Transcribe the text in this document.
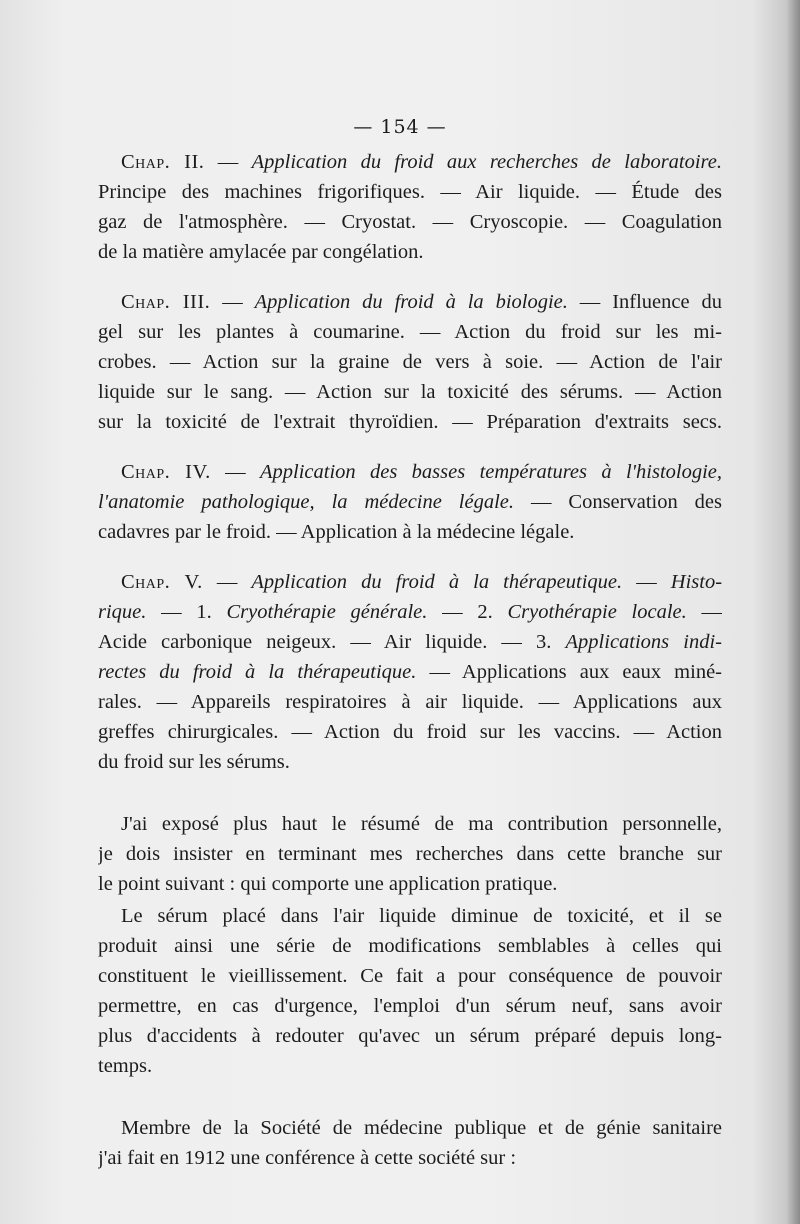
— 154 —
Chap. II. — Application du froid aux recherches de laboratoire.
Principe des machines frigorifiques. — Air liquide. — Étude des
gaz de l'atmosphère. — Cryostat. — Cryoscopie. — Coagulation
de la matière amylacée par congélation.
Chap. III. — Application du froid à la biologie. — Influence du
gel sur les plantes à coumarine. — Action du froid sur les mi-
crobes. — Action sur la graine de vers à soie. — Action de l'air
liquide sur le sang. — Action sur la toxicité des sérums. — Action
sur la toxicité de l'extrait thyroïdien. — Préparation d'extraits secs.
Chap. IV. — Application des basses températures à l'histologie,
l'anatomie pathologique, la médecine légale. — Conservation des
cadavres par le froid. — Application à la médecine légale.
Chap. V. — Application du froid à la thérapeutique. — Histo-
rique. — 1. Cryothérapie générale. — 2. Cryothérapie locale. —
Acide carbonique neigeux. — Air liquide. — 3. Applications indi-
rectes du froid à la thérapeutique. — Applications aux eaux miné-
rales. — Appareils respiratoires à air liquide. — Applications aux
greffes chirurgicales. — Action du froid sur les vaccins. — Action
du froid sur les sérums.
J'ai exposé plus haut le résumé de ma contribution personnelle,
je dois insister en terminant mes recherches dans cette branche sur
le point suivant : qui comporte une application pratique.
Le sérum placé dans l'air liquide diminue de toxicité, et il se
produit ainsi une série de modifications semblables à celles qui
constituent le vieillissement. Ce fait a pour conséquence de pouvoir
permettre, en cas d'urgence, l'emploi d'un sérum neuf, sans avoir
plus d'accidents à redouter qu'avec un sérum préparé depuis long-
temps.
Membre de la Société de médecine publique et de génie sanitaire
j'ai fait en 1912 une conférence à cette société sur :
